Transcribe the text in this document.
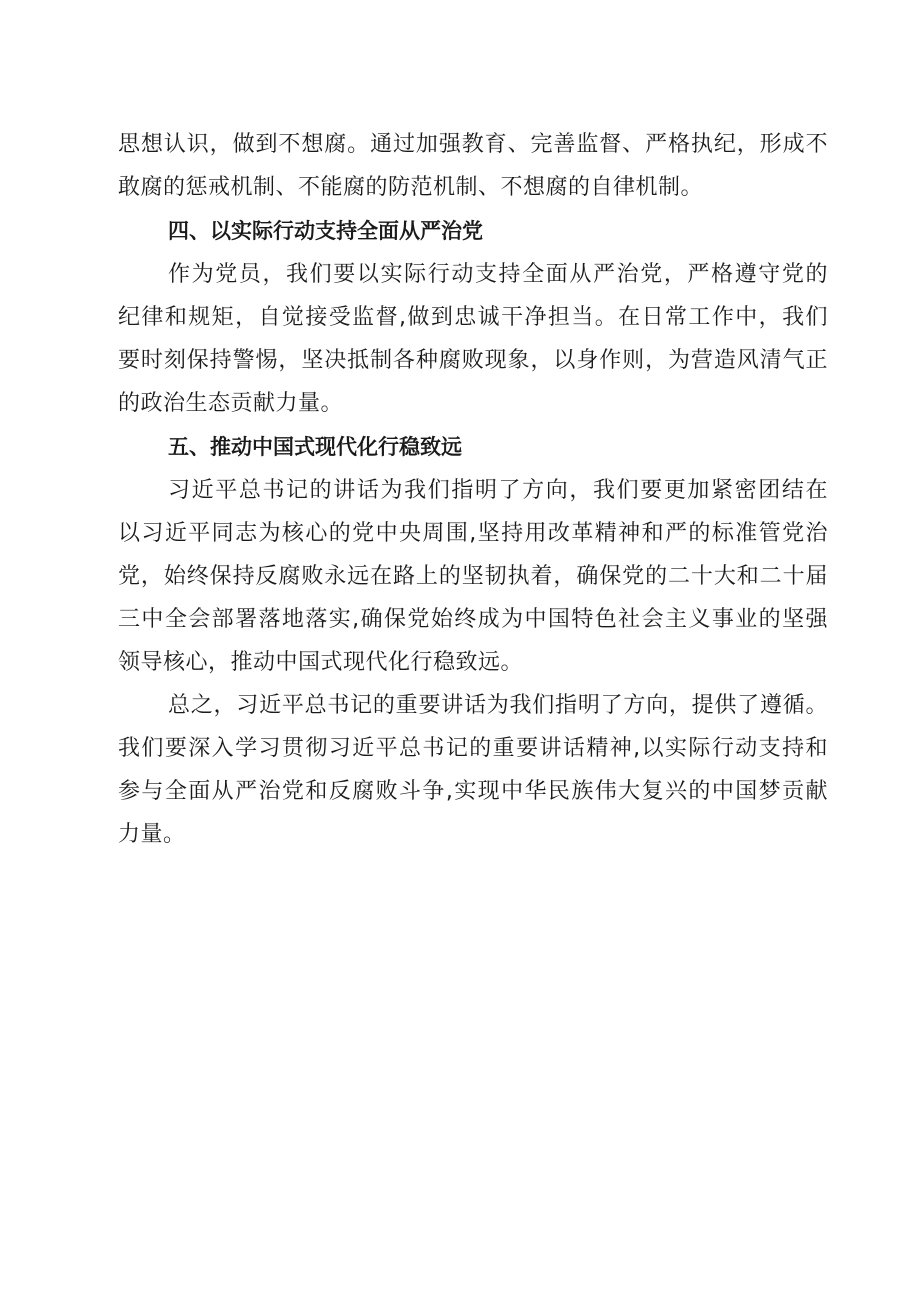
思想认识，做到不想腐。通过加强教育、完善监督、严格执纪，形成不
敢腐的惩戒机制、不能腐的防范机制、不想腐的自律机制。
四、以实际行动支持全面从严治党
作为党员，我们要以实际行动支持全面从严治党，严格遵守党的
纪律和规矩，自觉接受监督,做到忠诚干净担当。在日常工作中，我们
要时刻保持警惕，坚决抵制各种腐败现象，以身作则，为营造风清气正
的政治生态贡献力量。
五、推动中国式现代化行稳致远
习近平总书记的讲话为我们指明了方向，我们要更加紧密团结在
以习近平同志为核心的党中央周围,坚持用改革精神和严的标准管党治
党，始终保持反腐败永远在路上的坚韧执着，确保党的二十大和二十届
三中全会部署落地落实,确保党始终成为中国特色社会主义事业的坚强
领导核心，推动中国式现代化行稳致远。
总之，习近平总书记的重要讲话为我们指明了方向，提供了遵循。
我们要深入学习贯彻习近平总书记的重要讲话精神,以实际行动支持和
参与全面从严治党和反腐败斗争,实现中华民族伟大复兴的中国梦贡献
力量。
